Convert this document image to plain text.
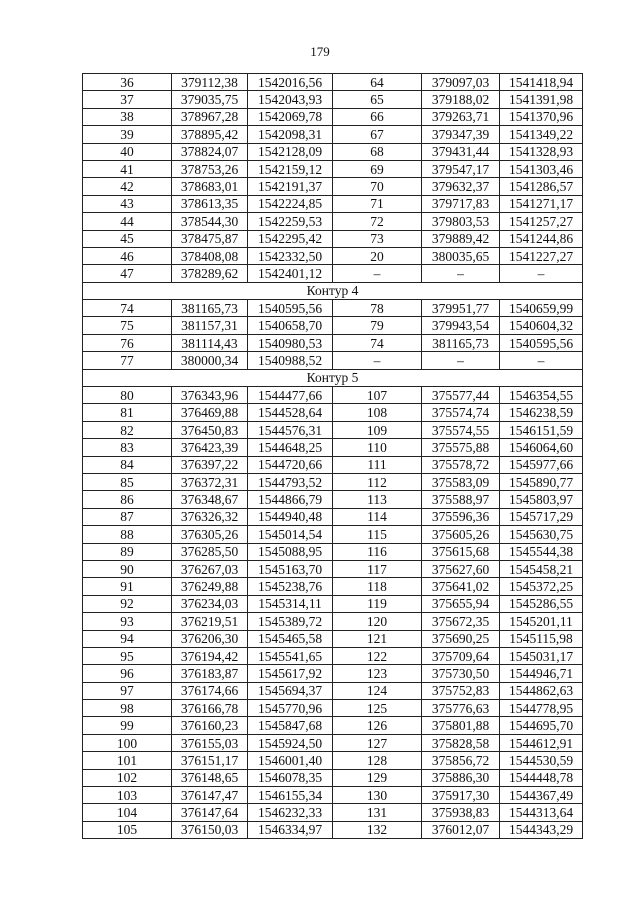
179
36	379112,38	1542016,56	64	379097,03	1541418,94
37	379035,75	1542043,93	65	379188,02	1541391,98
38	378967,28	1542069,78	66	379263,71	1541370,96
39	378895,42	1542098,31	67	379347,39	1541349,22
40	378824,07	1542128,09	68	379431,44	1541328,93
41	378753,26	1542159,12	69	379547,17	1541303,46
42	378683,01	1542191,37	70	379632,37	1541286,57
43	378613,35	1542224,85	71	379717,83	1541271,17
44	378544,30	1542259,53	72	379803,53	1541257,27
45	378475,87	1542295,42	73	379889,42	1541244,86
46	378408,08	1542332,50	20	380035,65	1541227,27
47	378289,62	1542401,12	–	–	–
Контур 4					
74	381165,73	1540595,56	78	379951,77	1540659,99
75	381157,31	1540658,70	79	379943,54	1540604,32
76	381114,43	1540980,53	74	381165,73	1540595,56
77	380000,34	1540988,52	–	–	–
Контур 5					
80	376343,96	1544477,66	107	375577,44	1546354,55
81	376469,88	1544528,64	108	375574,74	1546238,59
82	376450,83	1544576,31	109	375574,55	1546151,59
83	376423,39	1544648,25	110	375575,88	1546064,60
84	376397,22	1544720,66	111	375578,72	1545977,66
85	376372,31	1544793,52	112	375583,09	1545890,77
86	376348,67	1544866,79	113	375588,97	1545803,97
87	376326,32	1544940,48	114	375596,36	1545717,29
88	376305,26	1545014,54	115	375605,26	1545630,75
89	376285,50	1545088,95	116	375615,68	1545544,38
90	376267,03	1545163,70	117	375627,60	1545458,21
91	376249,88	1545238,76	118	375641,02	1545372,25
92	376234,03	1545314,11	119	375655,94	1545286,55
93	376219,51	1545389,72	120	375672,35	1545201,11
94	376206,30	1545465,58	121	375690,25	1545115,98
95	376194,42	1545541,65	122	375709,64	1545031,17
96	376183,87	1545617,92	123	375730,50	1544946,71
97	376174,66	1545694,37	124	375752,83	1544862,63
98	376166,78	1545770,96	125	375776,63	1544778,95
99	376160,23	1545847,68	126	375801,88	1544695,70
100	376155,03	1545924,50	127	375828,58	1544612,91
101	376151,17	1546001,40	128	375856,72	1544530,59
102	376148,65	1546078,35	129	375886,30	1544448,78
103	376147,47	1546155,34	130	375917,30	1544367,49
104	376147,64	1546232,33	131	375938,83	1544313,64
105	376150,03	1546334,97	132	376012,07	1544343,29
